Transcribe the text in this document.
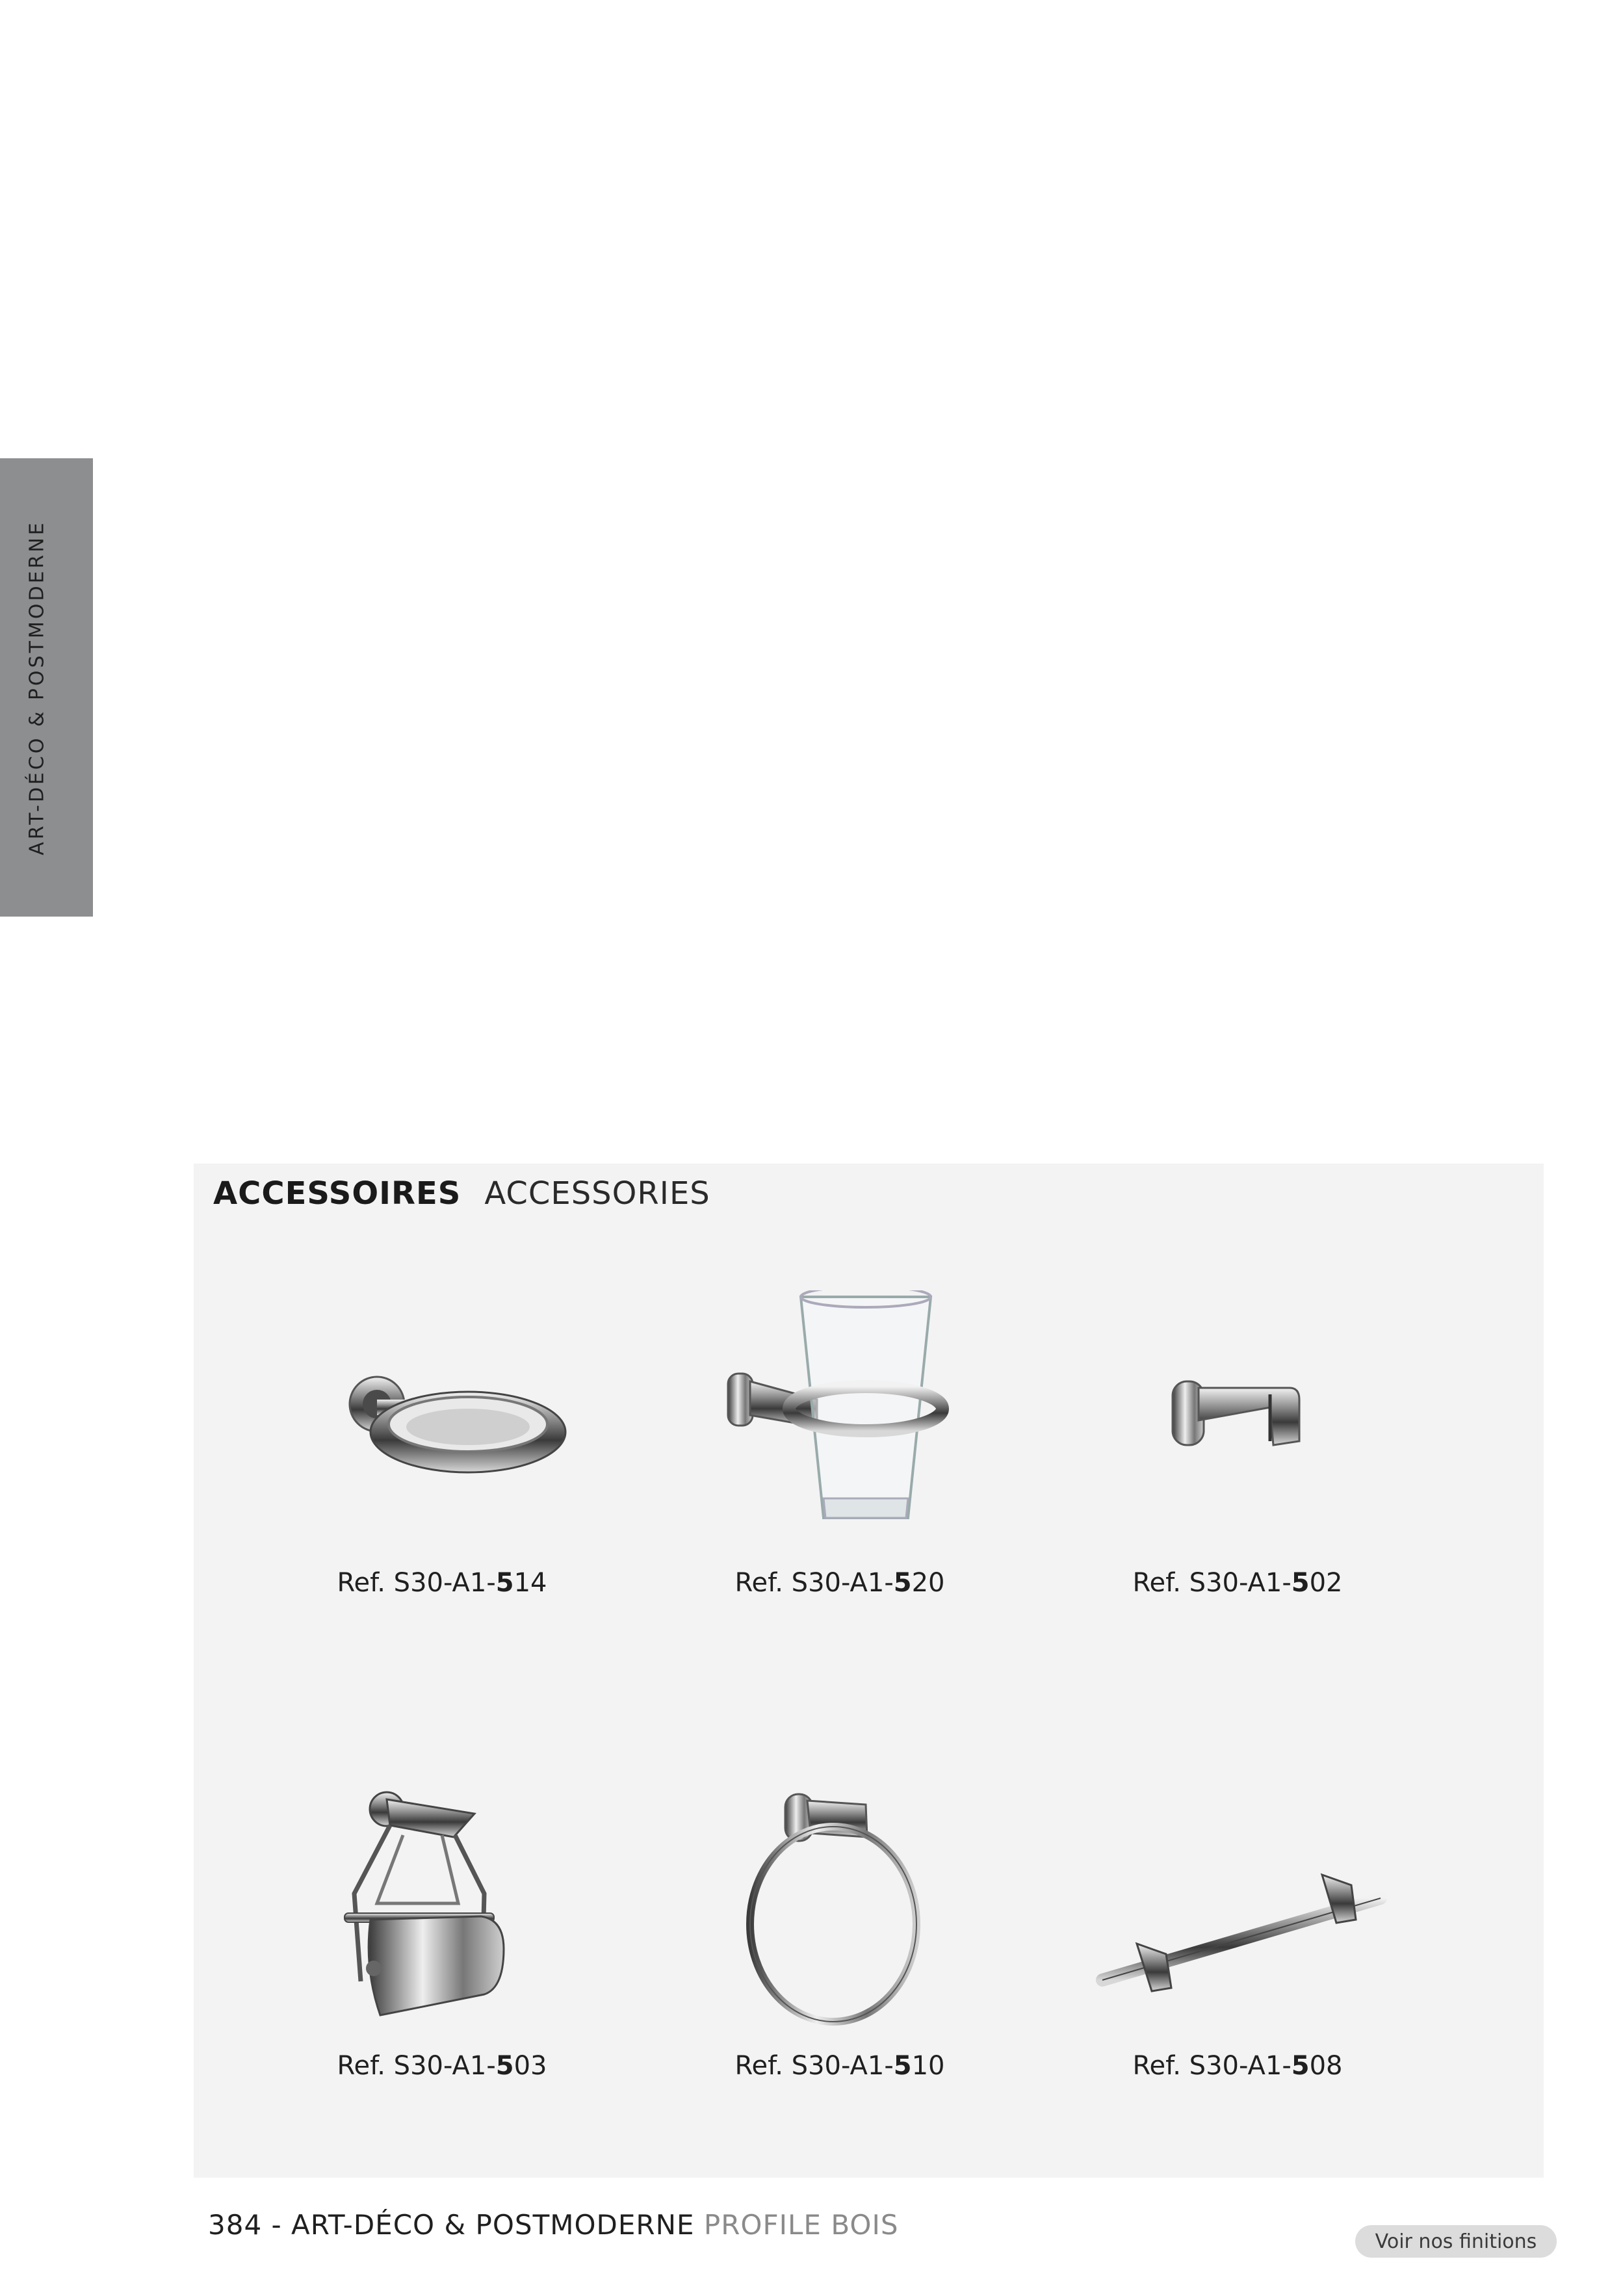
ART-DÉCO & POSTMODERNE
ACCESSOIRES ACCESSORIES
Ref. S30-A1-514	Ref. S30-A1-520	Ref. S30-A1-502
Ref. S30-A1-503	Ref. S30-A1-510	Ref. S30-A1-508

384 - ART-DÉCO & POSTMODERNE PROFILE BOIS

Voir nos finitions
